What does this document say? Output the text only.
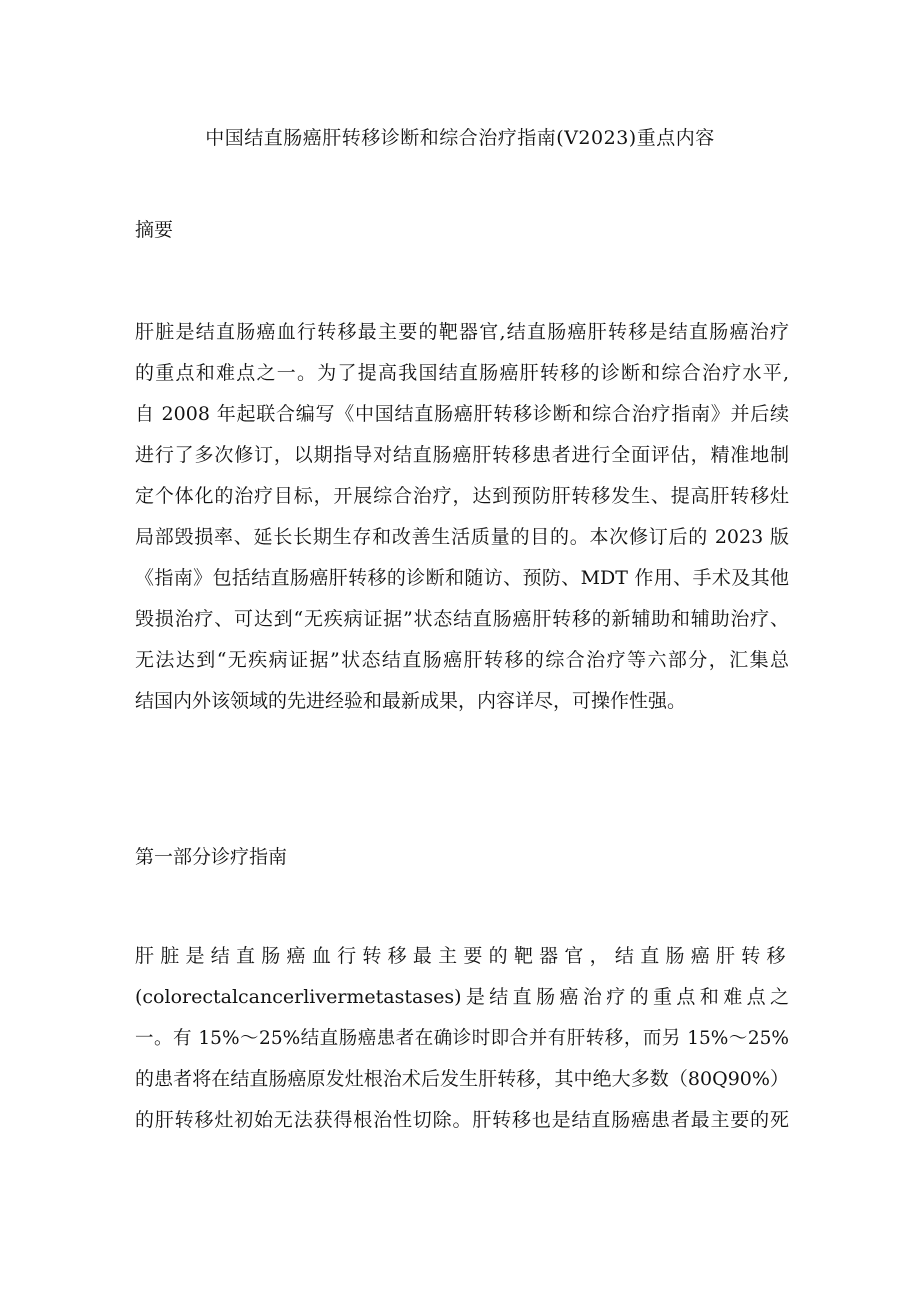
中国结直肠癌肝转移诊断和综合治疗指南(V2023)重点内容
摘要
肝脏是结直肠癌血行转移最主要的靶器官,结直肠癌肝转移是结直肠癌治疗
的重点和难点之一。为了提高我国结直肠癌肝转移的诊断和综合治疗水平,
自 2008 年起联合编写《中国结直肠癌肝转移诊断和综合治疗指南》并后续
进行了多次修订，以期指导对结直肠癌肝转移患者进行全面评估，精准地制
定个体化的治疗目标，开展综合治疗，达到预防肝转移发生、提高肝转移灶
局部毁损率、延长长期生存和改善生活质量的目的。本次修订后的 2023 版
《指南》包括结直肠癌肝转移的诊断和随访、预防、MDT 作用、手术及其他
毁损治疗、可达到“无疾病证据”状态结直肠癌肝转移的新辅助和辅助治疗、
无法达到“无疾病证据”状态结直肠癌肝转移的综合治疗等六部分，汇集总
结国内外该领域的先进经验和最新成果，内容详尽，可操作性强。
第一部分诊疗指南
肝脏是结直肠癌血行转移最主要的靶器官，结直肠癌肝转移
(colorectalcancerlivermetastases)是结直肠癌治疗的重点和难点之
一。有 15%～25%结直肠癌患者在确诊时即合并有肝转移，而另 15%～25%
的患者将在结直肠癌原发灶根治术后发生肝转移，其中绝大多数（80Q90%）
的肝转移灶初始无法获得根治性切除。肝转移也是结直肠癌患者最主要的死
